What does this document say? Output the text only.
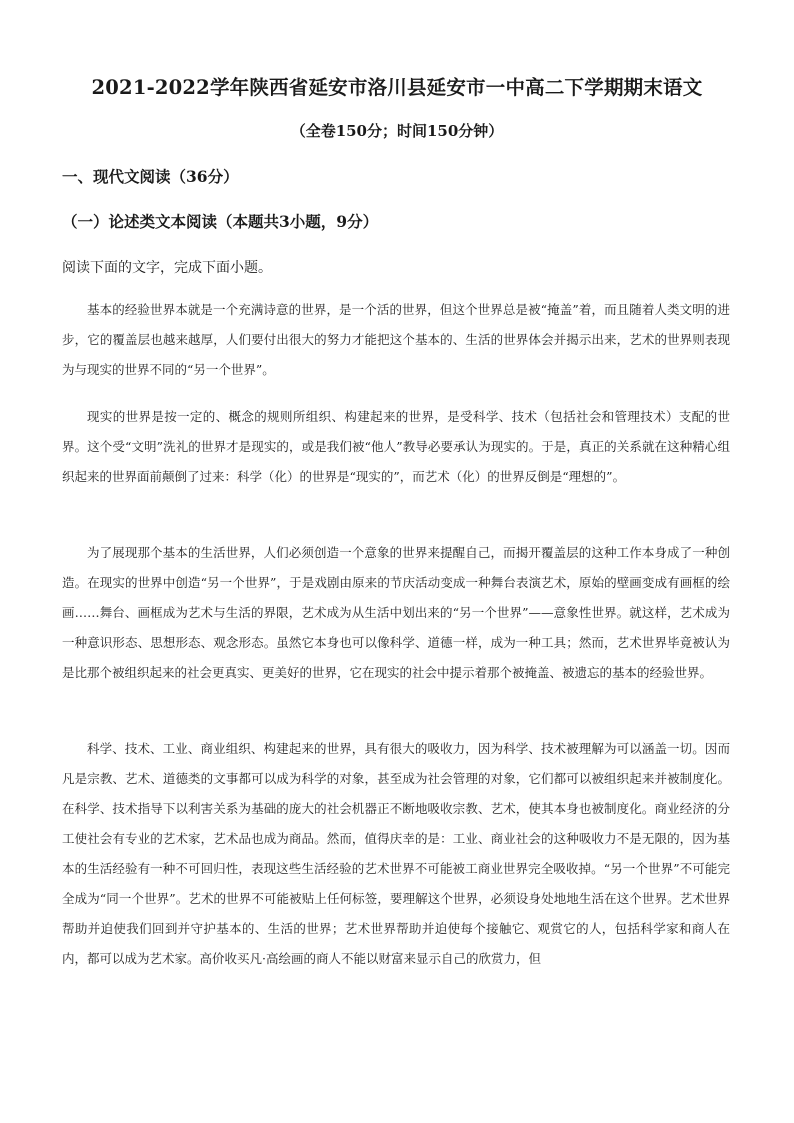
2021-2022学年陕西省延安市洛川县延安市一中高二下学期期末语文
（全卷150分；时间150分钟）
一、现代文阅读（36分）
（一）论述类文本阅读（本题共3小题，9分）
阅读下面的文字，完成下面小题。

基本的经验世界本就是一个充满诗意的世界，是一个活的世界，但这个世界总是被“掩盖”着，而且随着人类文明的进步，它的覆盖层也越来越厚，人们要付出很大的努力才能把这个基本的、生活的世界体会并揭示出来，艺术的世界则表现为与现实的世界不同的“另一个世界”。

现实的世界是按一定的、概念的规则所组织、构建起来的世界，是受科学、技术（包括社会和管理技术）支配的世界。这个受“文明”洗礼的世界才是现实的，或是我们被“他人”教导必要承认为现实的。于是，真正的关系就在这种精心组织起来的世界面前颠倒了过来：科学（化）的世界是“现实的”，而艺术（化）的世界反倒是“理想的”。

为了展现那个基本的生活世界，人们必须创造一个意象的世界来提醒自己，而揭开覆盖层的这种工作本身成了一种创造。在现实的世界中创造“另一个世界”，于是戏剧由原来的节庆活动变成一种舞台表演艺术，原始的壁画变成有画框的绘画……舞台、画框成为艺术与生活的界限，艺术成为从生活中划出来的“另一个世界”——意象性世界。就这样，艺术成为一种意识形态、思想形态、观念形态。虽然它本身也可以像科学、道德一样，成为一种工具；然而，艺术世界毕竟被认为是比那个被组织起来的社会更真实、更美好的世界，它在现实的社会中提示着那个被掩盖、被遗忘的基本的经验世界。

科学、技术、工业、商业组织、构建起来的世界，具有很大的吸收力，因为科学、技术被理解为可以涵盖一切。因而凡是宗教、艺术、道德类的文事都可以成为科学的对象，甚至成为社会管理的对象，它们都可以被组织起来并被制度化。在科学、技术指导下以利害关系为基础的庞大的社会机器正不断地吸收宗教、艺术，使其本身也被制度化。商业经济的分工使社会有专业的艺术家，艺术品也成为商品。然而，值得庆幸的是：工业、商业社会的这种吸收力不是无限的，因为基本的生活经验有一种不可回归性，表现这些生活经验的艺术世界不可能被工商业世界完全吸收掉。“另一个世界”不可能完全成为“同一个世界”。艺术的世界不可能被贴上任何标签，要理解这个世界，必须设身处地地生活在这个世界。艺术世界帮助并迫使我们回到并守护基本的、生活的世界；艺术世界帮助并迫使每个接触它、观赏它的人，包括科学家和商人在内，都可以成为艺术家。高价收买凡·高绘画的商人不能以财富来显示自己的欣赏力，但
